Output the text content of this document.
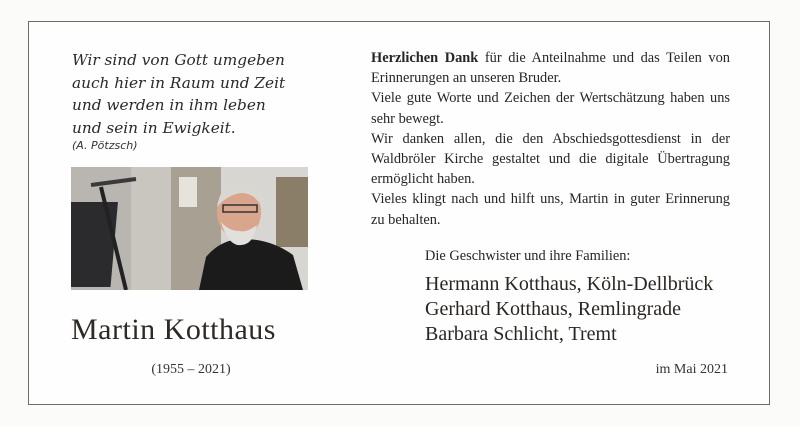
Wir sind von Gott umgeben
auch hier in Raum und Zeit
und werden in ihm leben
und sein in Ewigkeit.
(A. Pötzsch)
Martin Kotthaus
(1955 – 2021)

Herzlichen Dank für die Anteilnahme und das Teilen von Erinnerungen an unseren Bruder.

Viele gute Worte und Zeichen der Wertschätzung haben uns sehr bewegt.

Wir danken allen, die den Abschiedsgottesdienst in der Waldbröler Kirche gestaltet und die digitale Übertragung ermöglicht haben.

Vieles klingt nach und hilft uns, Martin in guter Erinnerung zu behalten.

Die Geschwister und ihre Familien:
Hermann Kotthaus, Köln-Dellbrück
Gerhard Kotthaus, Remlingrade
Barbara Schlicht, Tremt
im Mai 2021
